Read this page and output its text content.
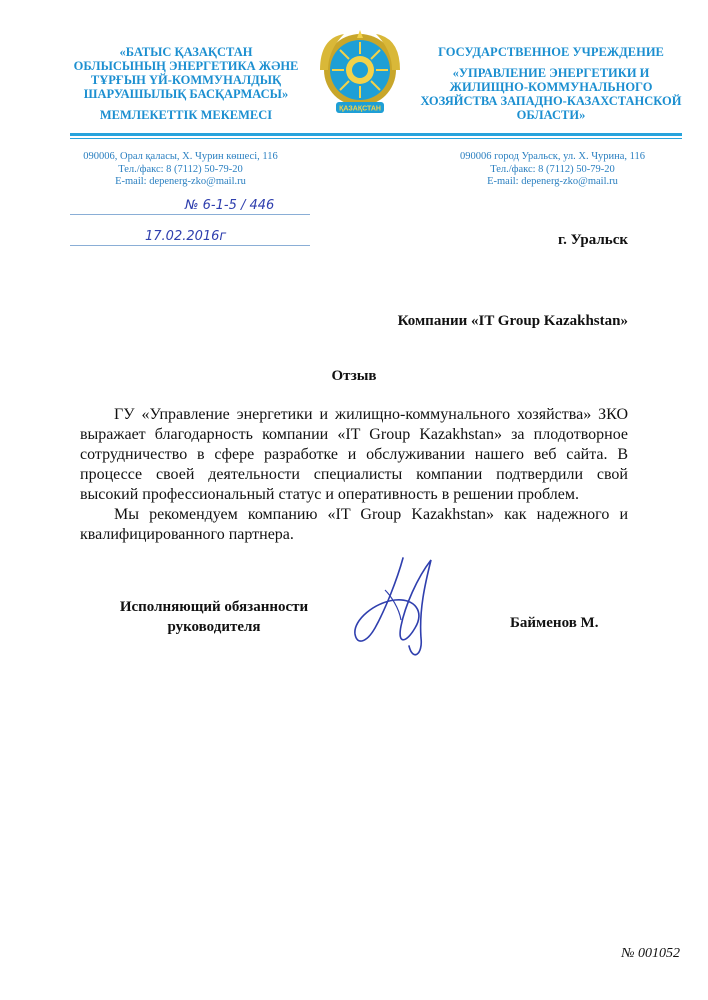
«БАТЫС ҚАЗАҚСТАН
ОБЛЫСЫНЫҢ ЭНЕРГЕТИКА ЖӘНЕ
ТҰРҒЫН ҮЙ-КОММУНАЛДЫҚ
ШАРУАШЫЛЫҚ БАСҚАРМАСЫ»
МЕМЛЕКЕТТІК МЕКЕМЕСІ	ҚАЗАҚСТАН
ГОСУДАРСТВЕННОЕ УЧРЕЖДЕНИЕ
«УПРАВЛЕНИЕ ЭНЕРГЕТИКИ И
ЖИЛИЩНО-КОММУНАЛЬНОГО
ХОЗЯЙСТВА ЗАПАДНО-КАЗАХСТАНСКОЙ
ОБЛАСТИ»
090006, Орал қаласы, Х. Чурин көшесі, 116
Тел./факс: 8 (7112) 50-79-20
E-mail: depenerg-zko@mail.ru
090006 город Уральск, ул. Х. Чурина, 116
Тел./факс: 8 (7112) 50-79-20
E-mail: depenerg-zko@mail.ru
№ 6-1-5 / 446
17.02.2016г	г. Уральск
Компании «IT Group Kazakhstan»
Отзыв

ГУ «Управление энергетики и жилищно-коммунального хозяйства» ЗКО выражает благодарность компании «IT Group Kazakhstan» за плодотворное сотрудничество в сфере разработке и обслуживании нашего веб сайта. В процессе своей деятельности специалисты компании подтвердили свой высокий профессиональный статус и оперативность в решении проблем.

Мы рекомендуем компанию «IT Group Kazakhstan» как надежного и квалифицированного партнера.

Исполняющий обязанности
руководителя	Байменов М.
№ 001052
